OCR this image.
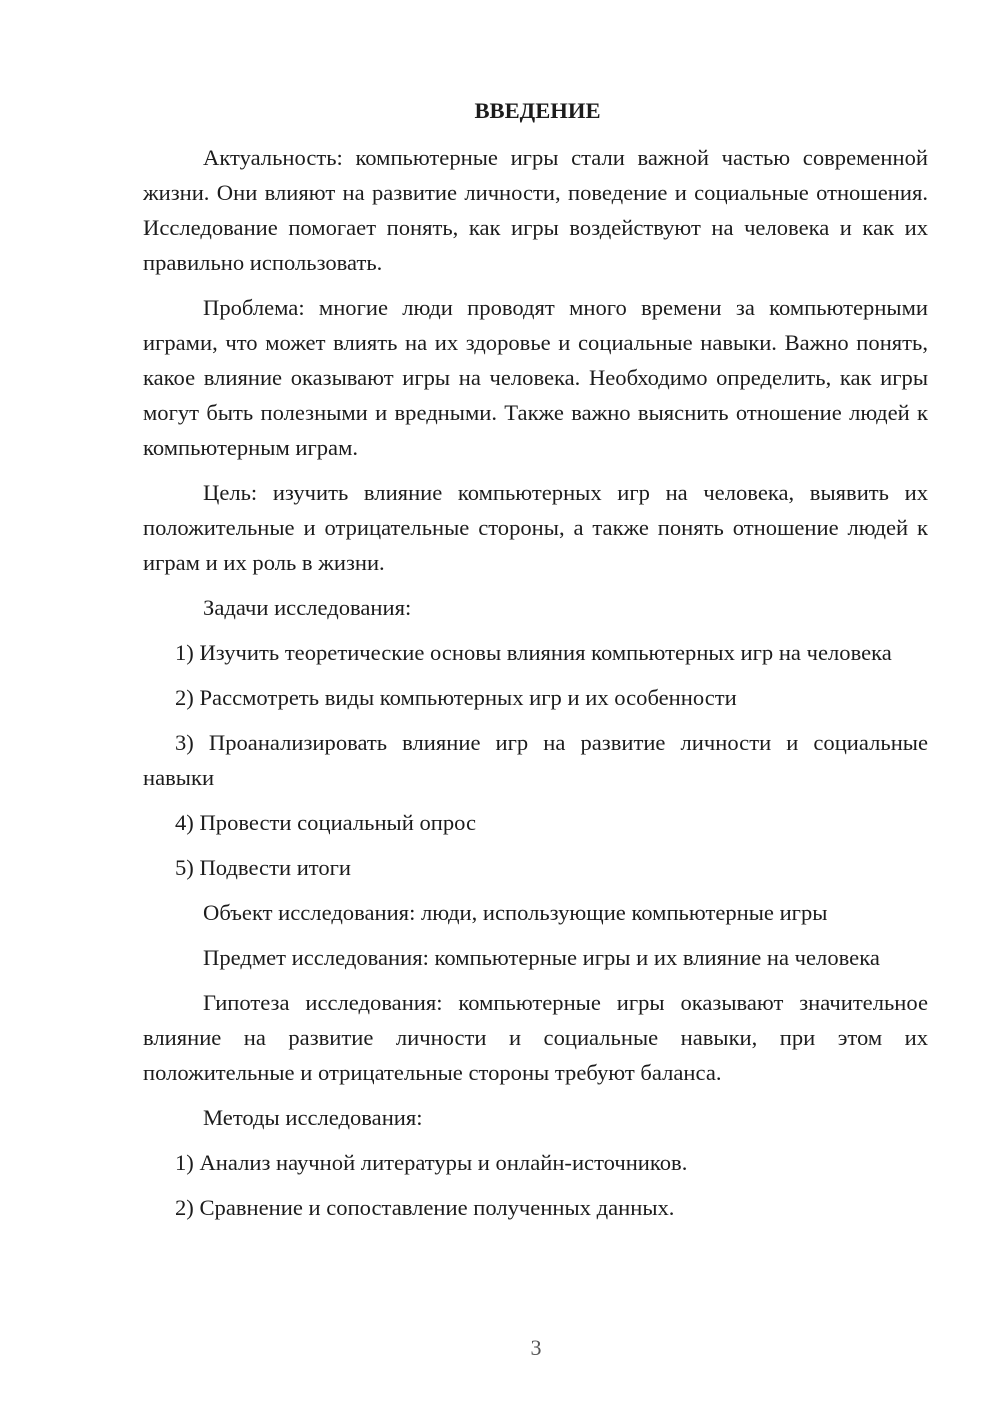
ВВЕДЕНИЕ

Актуальность: компьютерные игры стали важной частью современной жизни. Они влияют на развитие личности, поведение и социальные отношения. Исследование помогает понять, как игры воздействуют на человека и как их правильно использовать.

Проблема: многие люди проводят много времени за компьютерными играми, что может влиять на их здоровье и социальные навыки. Важно понять, какое влияние оказывают игры на человека. Необходимо определить, как игры могут быть полезными и вредными. Также важно выяснить отношение людей к компьютерным играм.

Цель: изучить влияние компьютерных игр на человека, выявить их положительные и отрицательные стороны, а также понять отношение людей к играм и их роль в жизни.

Задачи исследования:

1) Изучить теоретические основы влияния компьютерных игр на человека

2) Рассмотреть виды компьютерных игр и их особенности

3) Проанализировать влияние игр на развитие личности и социальные навыки

4) Провести социальный опрос

5) Подвести итоги

Объект исследования: люди, использующие компьютерные игры

Предмет исследования: компьютерные игры и их влияние на человека

Гипотеза исследования: компьютерные игры оказывают значительное влияние на развитие личности и социальные навыки, при этом их положительные и отрицательные стороны требуют баланса.

Методы исследования:

1) Анализ научной литературы и онлайн-источников.

2) Сравнение и сопоставление полученных данных.

3
